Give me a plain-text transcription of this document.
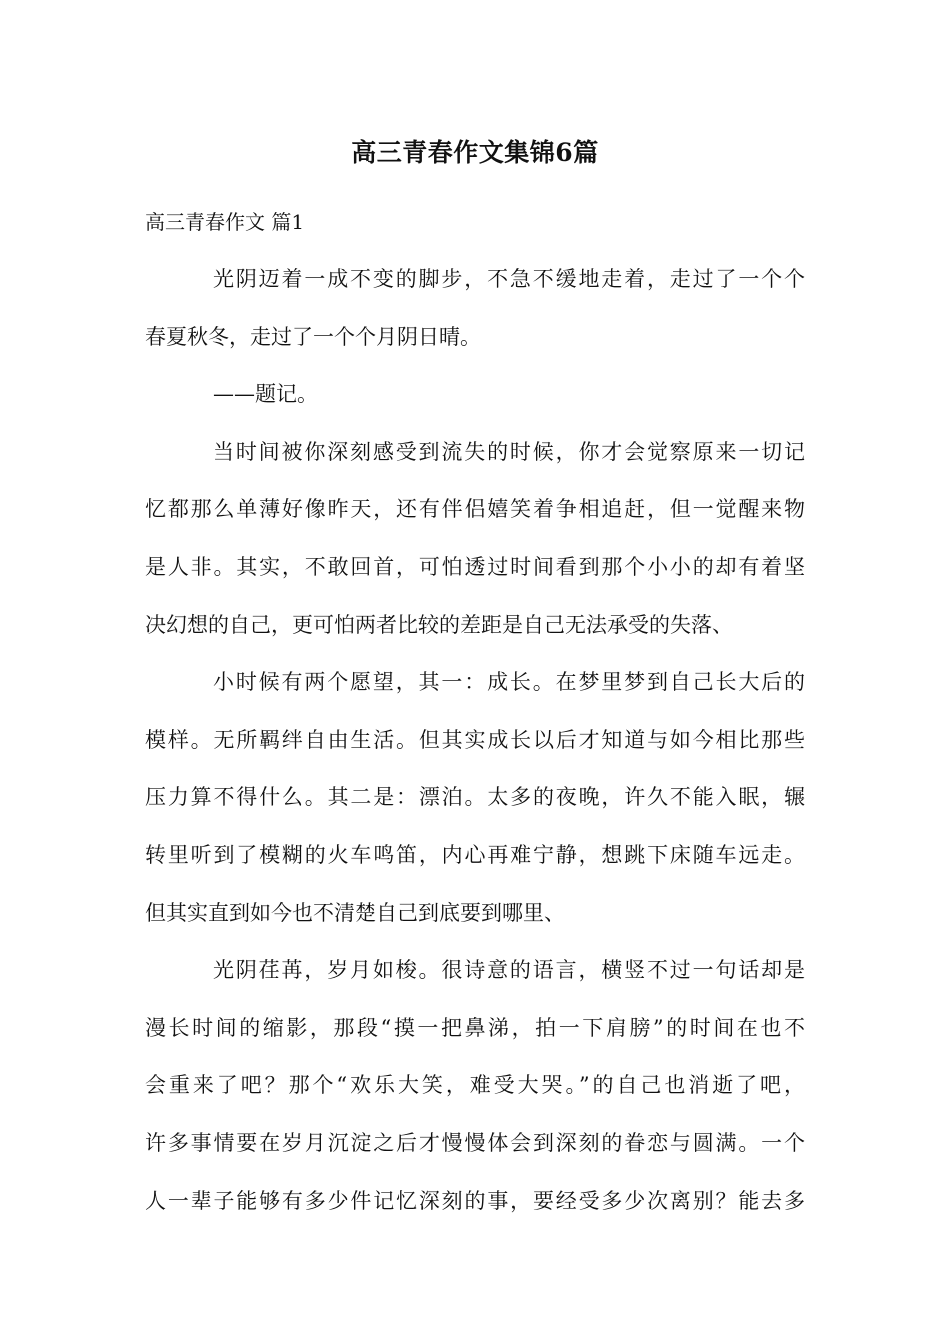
高三青春作文集锦6篇
高三青春作文 篇1
光阴迈着一成不变的脚步，不急不缓地走着，走过了一个个
春夏秋冬，走过了一个个月阴日晴。
——题记。
当时间被你深刻感受到流失的时候，你才会觉察原来一切记
忆都那么单薄好像昨天，还有伴侣嬉笑着争相追赶，但一觉醒来物
是人非。其实，不敢回首，可怕透过时间看到那个小小的却有着坚
决幻想的自己，更可怕两者比较的差距是自己无法承受的失落、
小时候有两个愿望，其一：成长。在梦里梦到自己长大后的
模样。无所羁绊自由生活。但其实成长以后才知道与如今相比那些
压力算不得什么。其二是：漂泊。太多的夜晚，许久不能入眠，辗
转里听到了模糊的火车鸣笛，内心再难宁静，想跳下床随车远走。
但其实直到如今也不清楚自己到底要到哪里、
光阴荏苒，岁月如梭。很诗意的语言，横竖不过一句话却是
漫长时间的缩影，那段“摸一把鼻涕，拍一下肩膀”的时间在也不
会重来了吧？那个“欢乐大笑，难受大哭。”的自己也消逝了吧，
许多事情要在岁月沉淀之后才慢慢体会到深刻的眷恋与圆满。一个
人一辈子能够有多少件记忆深刻的事，要经受多少次离别？能去多
